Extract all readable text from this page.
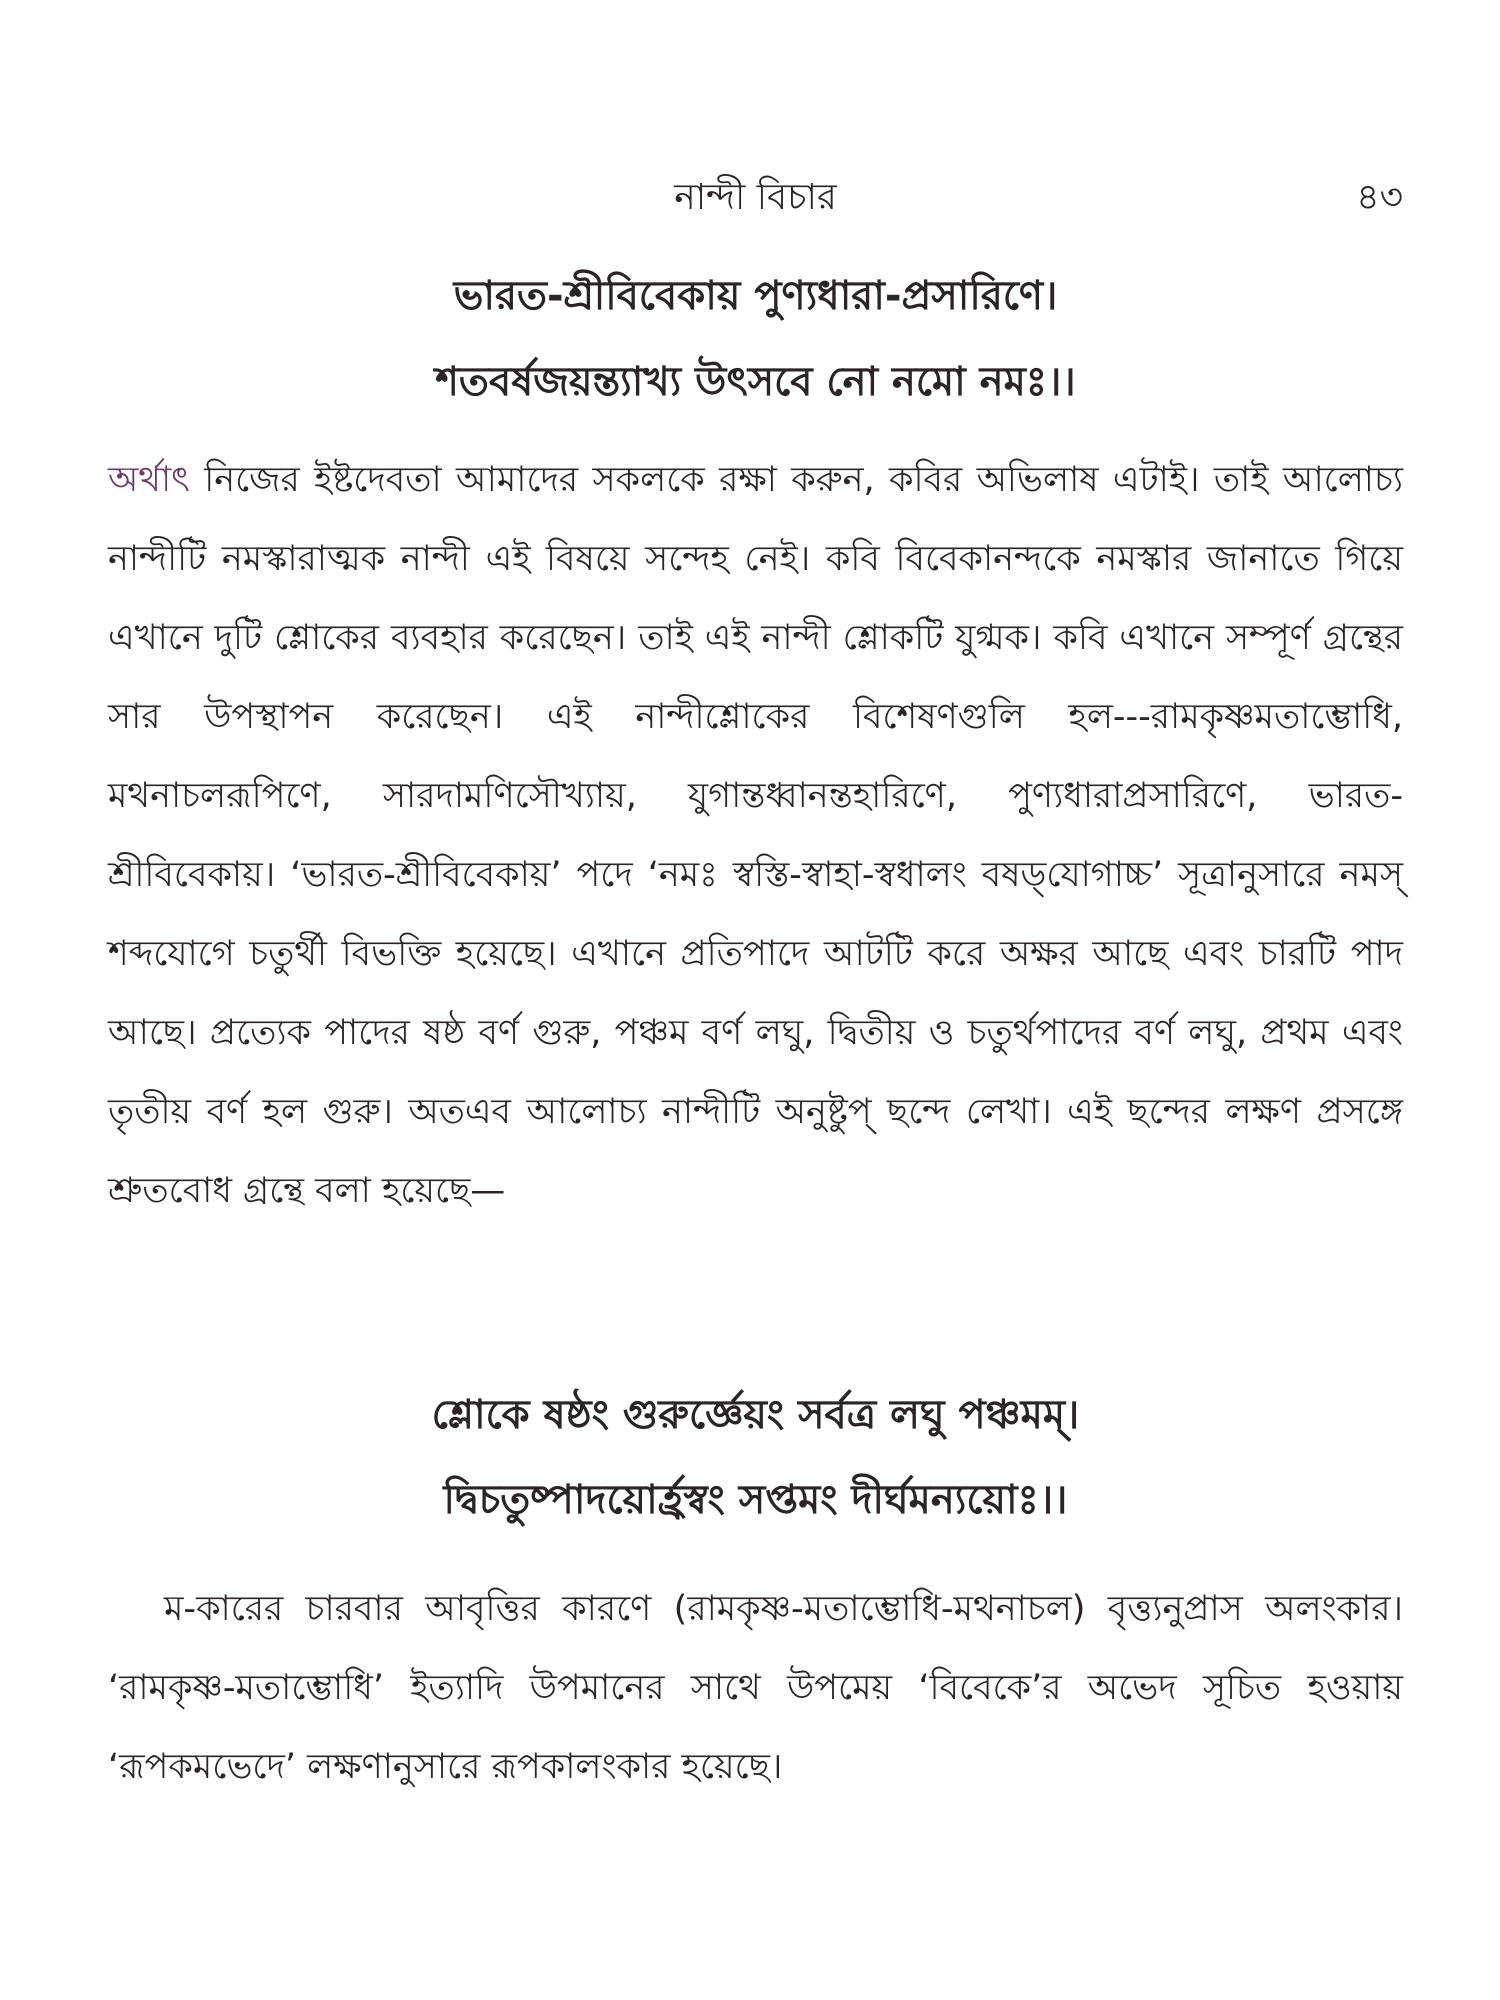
নান্দী বিচার	৪৩
ভারত-শ্রীবিবেকায় পুণ্যধারা-প্রসারিণে।
শতবর্ষজয়ন্ত্যাখ্য উৎসবে নো নমো নমঃ।।
অর্থাৎ নিজের ইষ্টদেবতা আমাদের সকলকে রক্ষা করুন, কবির অভিলাষ এটাই। তাই আলোচ্য নান্দীটি নমস্কারাত্মক নান্দী এই বিষয়ে সন্দেহ নেই। কবি বিবেকানন্দকে নমস্কার জানাতে গিয়ে এখানে দুটি শ্লোকের ব্যবহার করেছেন। তাই এই নান্দী শ্লোকটি যুগ্মক। কবি এখানে সম্পূর্ণ গ্রন্থের সার উপস্থাপন করেছেন। এই নান্দীশ্লোকের বিশেষণগুলি হল---রামকৃষ্ণমতাম্ভোধি, মথনাচলরূপিণে, সারদামণিসৌখ্যায়, যুগান্তধ্বানন্তহারিণে, পুণ্যধারাপ্রসারিণে, ভারত-শ্রীবিবেকায়। ‘ভারত-শ্রীবিবেকায়’ পদে ‘নমঃ স্বস্তি-স্বাহা-স্বধালং বষড্‌যোগাচ্চ’ সূত্রানুসারে নমস্ শব্দযোগে চতুর্থী বিভক্তি হয়েছে। এখানে প্রতিপাদে আটটি করে অক্ষর আছে এবং চারটি পাদ আছে। প্রত্যেক পাদের ষষ্ঠ বর্ণ গুরু, পঞ্চম বর্ণ লঘু, দ্বিতীয় ও চতুর্থপাদের বর্ণ লঘু, প্রথম এবং তৃতীয় বর্ণ হল গুরু। অতএব আলোচ্য নান্দীটি অনুষ্টুপ্ ছন্দে লেখা। এই ছন্দের লক্ষণ প্রসঙ্গে শ্রুতবোধ গ্রন্থে বলা হয়েছে—
শ্লোকে ষষ্ঠং গুরুর্জ্ঞেয়ং সর্বত্র লঘু পঞ্চমম্।
দ্বিচতুষ্পাদয়োর্হ্রস্বং সপ্তমং দীর্ঘমন্যয়োঃ।।
ম-কারের চারবার আবৃত্তির কারণে (রামকৃষ্ণ-মতাম্ভোধি-মথনাচল) বৃত্ত্যনুপ্রাস অলংকার। ‘রামকৃষ্ণ-মতাম্ভোধি’ ইত্যাদি উপমানের সাথে উপমেয় ‘বিবেকে’র অভেদ সূচিত হওয়ায় ‘রূপকমভেদে’ লক্ষণানুসারে রূপকালংকার হয়েছে।
